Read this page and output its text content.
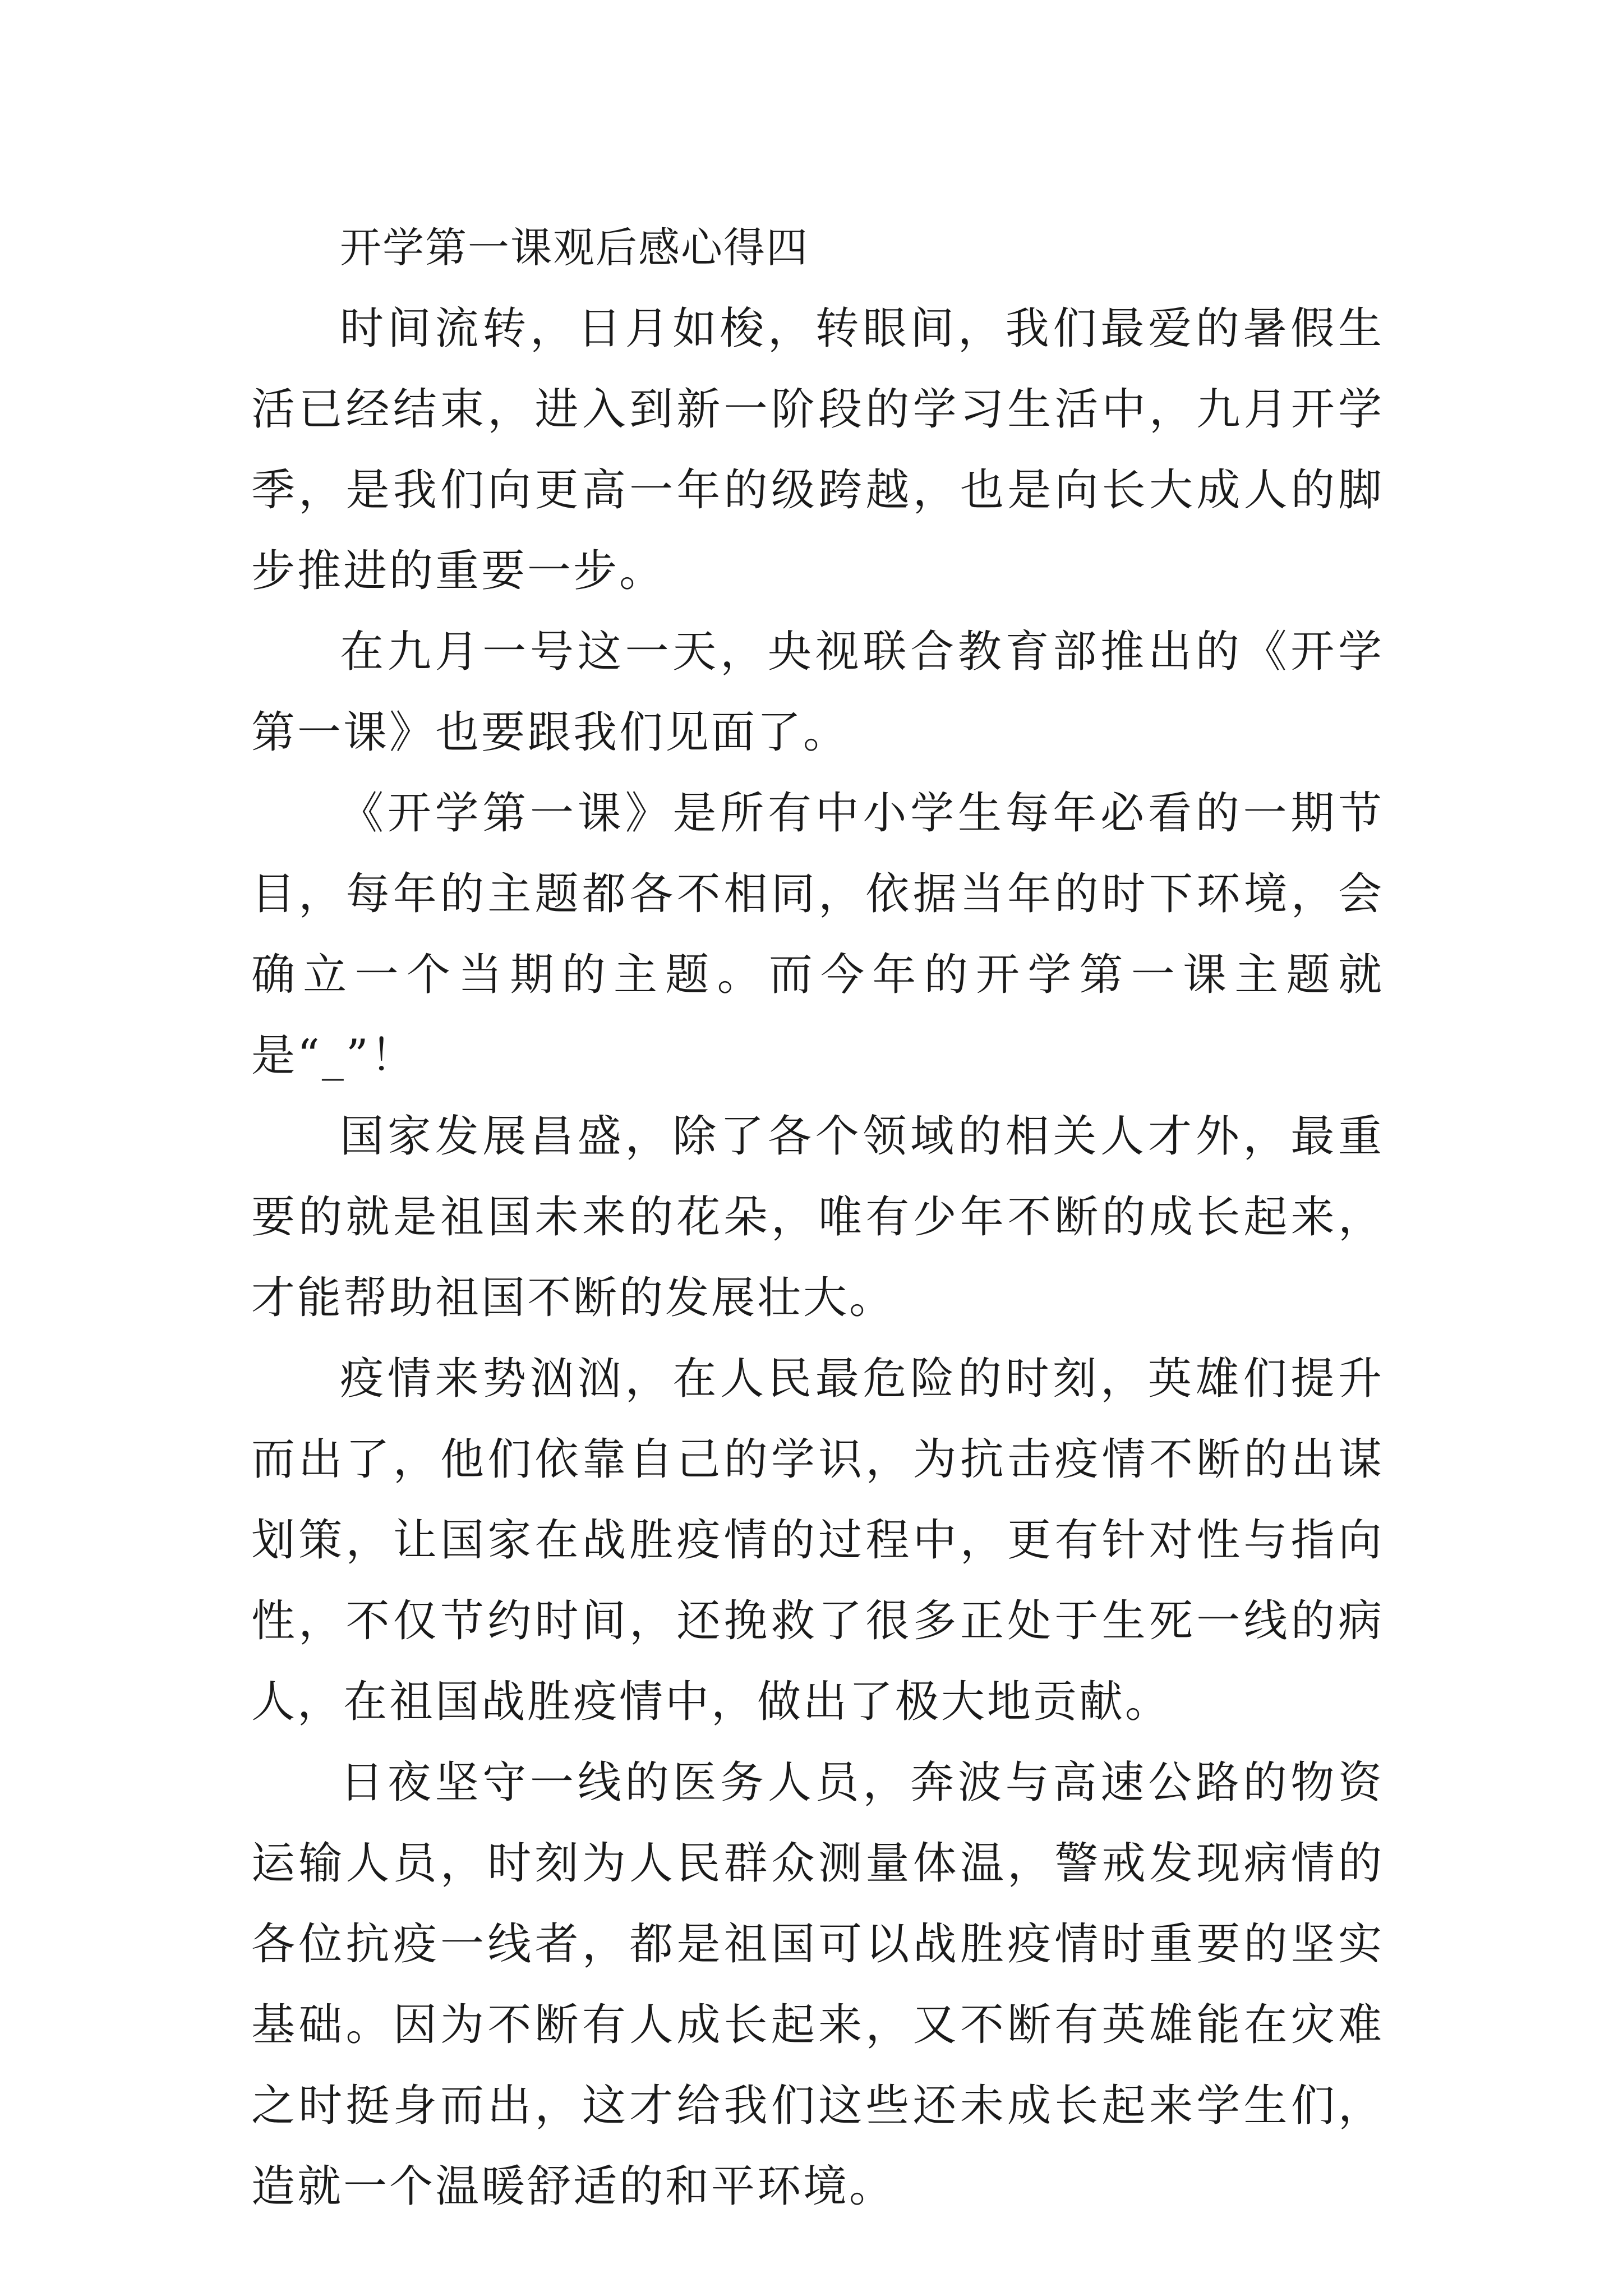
开学第一课观后感心得四

时间流转，日月如梭，转眼间，我们最爱的暑假生活已经结束，进入到新一阶段的学习生活中，九月开学季，是我们向更高一年的级跨越，也是向长大成人的脚步推进的重要一步。

在九月一号这一天，央视联合教育部推出的《开学第一课》也要跟我们见面了。

《开学第一课》是所有中小学生每年必看的一期节目，每年的主题都各不相同，依据当年的时下环境，会确立一个当期的主题。而今年的开学第一课主题就是“_”！

国家发展昌盛，除了各个领域的相关人才外，最重要的就是祖国未来的花朵，唯有少年不断的成长起来，才能帮助祖国不断的发展壮大。

疫情来势汹汹，在人民最危险的时刻，英雄们提升而出了，他们依靠自己的学识，为抗击疫情不断的出谋划策，让国家在战胜疫情的过程中，更有针对性与指向性，不仅节约时间，还挽救了很多正处于生死一线的病人，在祖国战胜疫情中，做出了极大地贡献。

日夜坚守一线的医务人员，奔波与高速公路的物资运输人员，时刻为人民群众测量体温，警戒发现病情的各位抗疫一线者，都是祖国可以战胜疫情时重要的坚实基础。因为不断有人成长起来，又不断有英雄能在灾难之时挺身而出，这才给我们这些还未成长起来学生们，造就一个温暖舒适的和平环境。
